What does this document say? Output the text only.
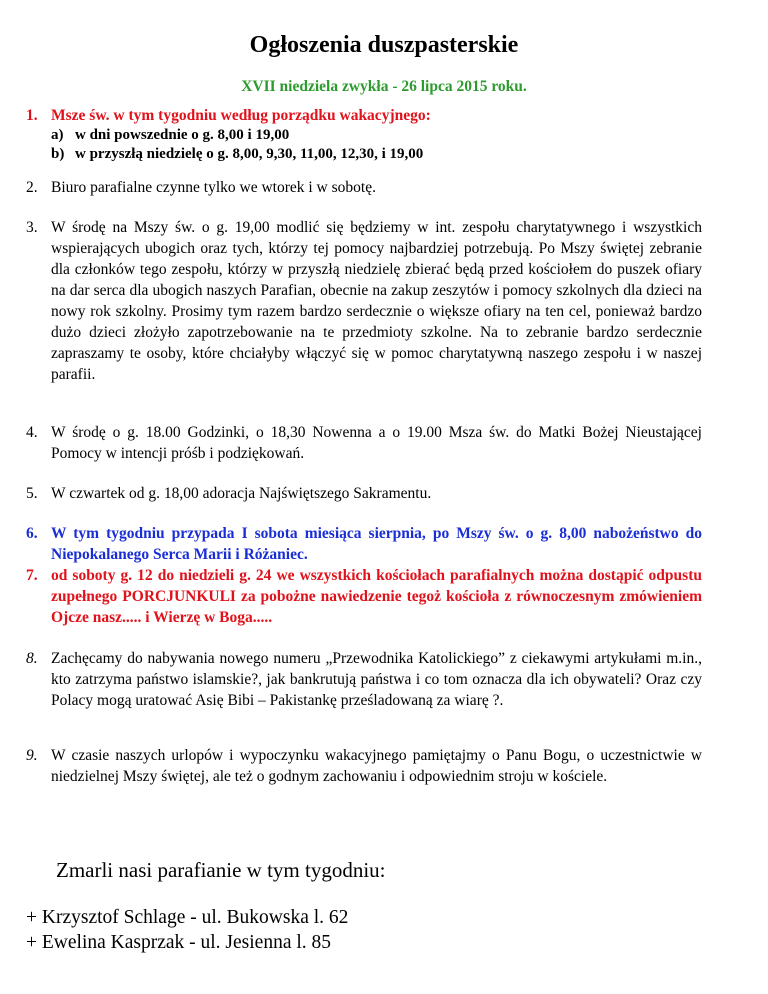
Ogłoszenia duszpasterskie
XVII niedziela zwykła - 26 lipca 2015 roku.
1. Msze św. w tym tygodniu według porządku wakacyjnego:
a) w dni powszednie o g. 8,00 i 19,00
b) w przyszłą niedzielę o g. 8,00, 9,30, 11,00, 12,30, i 19,00
2. Biuro parafialne czynne tylko we wtorek i w sobotę.
3. W środę na Mszy św. o g. 19,00 modlić się będziemy w int. zespołu charytatywnego i wszystkich wspierających ubogich oraz tych, którzy tej pomocy najbardziej potrzebują. Po Mszy świętej zebranie dla członków tego zespołu, którzy w przyszłą niedzielę zbierać będą przed kościołem do puszek ofiary na dar serca dla ubogich naszych Parafian, obecnie na zakup zeszytów i pomocy szkolnych dla dzieci na nowy rok szkolny. Prosimy tym razem bardzo serdecznie o większe ofiary na ten cel, ponieważ bardzo dużo dzieci złożyło zapotrzebowanie na te przedmioty szkolne. Na to zebranie bardzo serdecznie zapraszamy te osoby, które chciałyby włączyć się w pomoc charytatywną naszego zespołu i w naszej parafii.
4. W środę o g. 18.00 Godzinki, o 18,30 Nowenna a o 19.00 Msza św. do Matki Bożej Nieustającej Pomocy w intencji próśb i podziękowań.
5. W czwartek od g. 18,00 adoracja Najświętszego Sakramentu.
6. W tym tygodniu przypada I sobota miesiąca sierpnia, po Mszy św. o g. 8,00 nabożeństwo do Niepokalanego Serca Marii i Różaniec.
7. od soboty g. 12 do niedzieli g. 24 we wszystkich kościołach parafialnych można dostąpić odpustu zupełnego PORCJUNKULI za pobożne nawiedzenie tegoż kościoła z równoczesnym zmówieniem Ojcze nasz..... i Wierzę w Boga.....
8. Zachęcamy do nabywania nowego numeru „Przewodnika Katolickiego” z ciekawymi artykułami m.in., kto zatrzyma państwo islamskie?, jak bankrutują państwa i co tom oznacza dla ich obywateli? Oraz czy Polacy mogą uratować Asię Bibi – Pakistankę prześladowaną za wiarę ?.
9. W czasie naszych urlopów i wypoczynku wakacyjnego pamiętajmy o Panu Bogu, o uczestnictwie w niedzielnej Mszy świętej, ale też o godnym zachowaniu i odpowiednim stroju w kościele.
Zmarli nasi parafianie w tym tygodniu:
+ Krzysztof Schlage - ul. Bukowska l. 62
+ Ewelina Kasprzak - ul. Jesienna l. 85
